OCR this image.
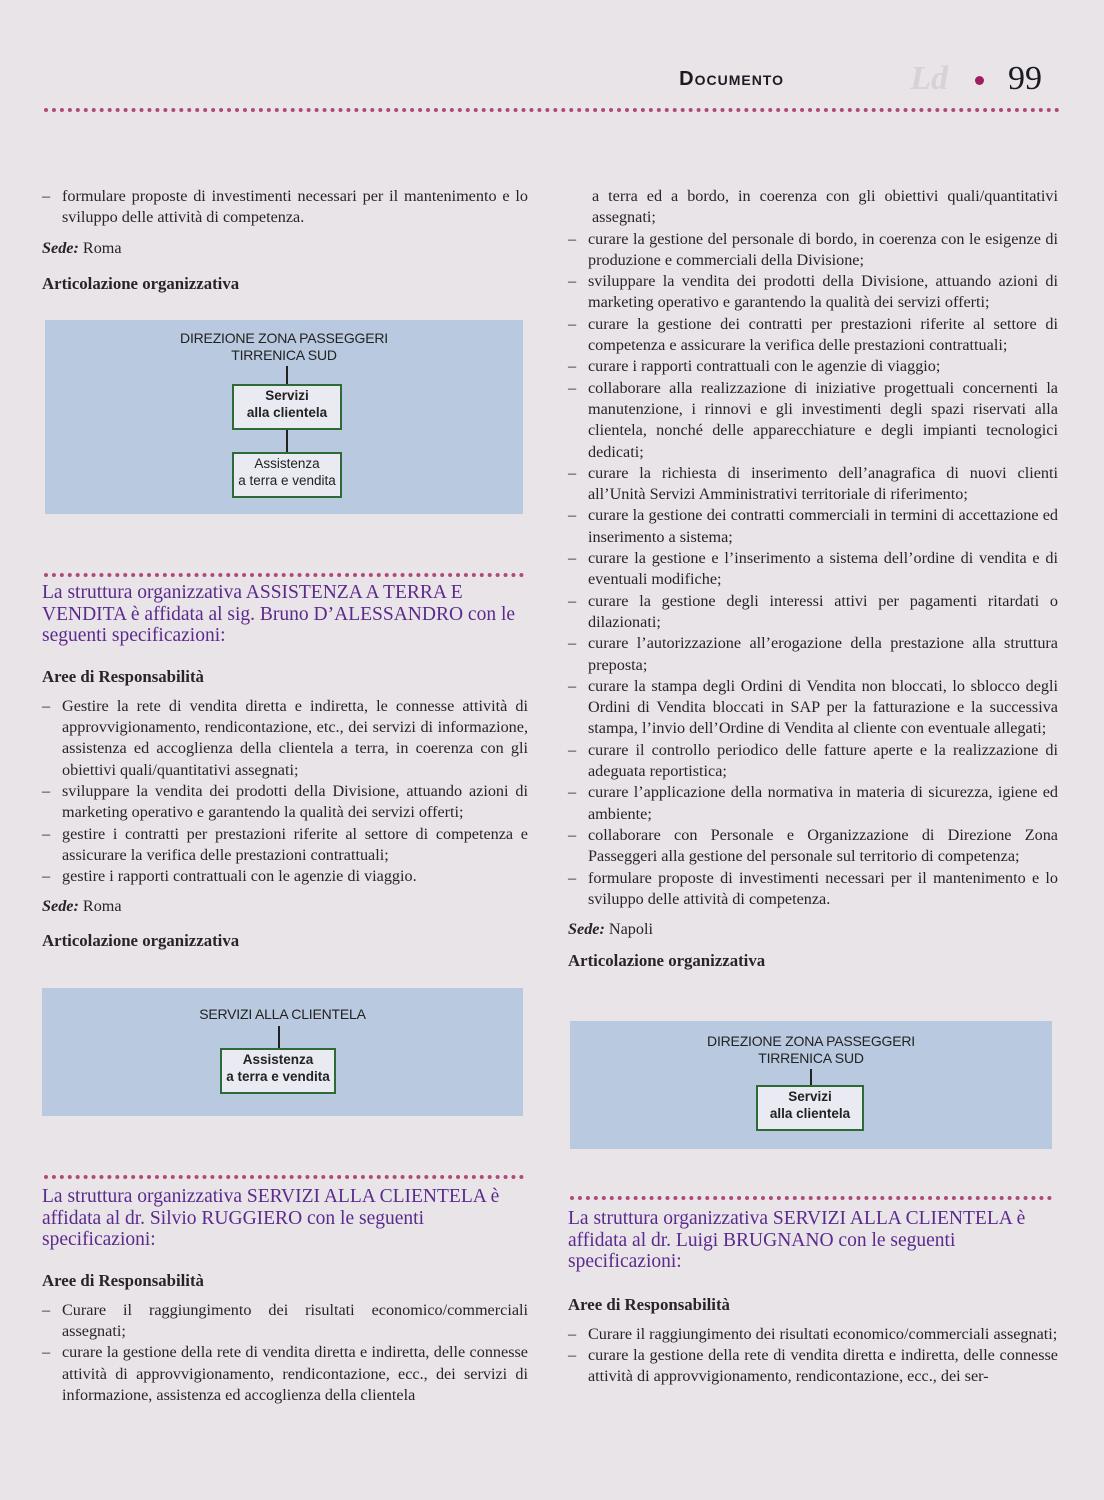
Documento	Ld 99

– formulare proposte di investimenti necessari per il mantenimento e lo sviluppo delle attività di competenza.

Sede: Roma

Articolazione organizzativa

DIREZIONE ZONA PASSEGGERI
TIRRENICA SUD
Servizi
alla clientela
Assistenza
a terra e vendita

La struttura organizzativa ASSISTENZA A TERRA E VENDITA è affidata al sig. Bruno D’ALESSANDRO con le seguenti specificazioni:

Aree di Responsabilità

– Gestire la rete di vendita diretta e indiretta, le connesse attività di approvvigionamento, rendicontazione, etc., dei servizi di informazione, assistenza ed accoglienza della clientela a terra, in coerenza con gli obiettivi quali/quantitativi assegnati;

– sviluppare la vendita dei prodotti della Divisione, attuando azioni di marketing operativo e garantendo la qualità dei servizi offerti;

– gestire i contratti per prestazioni riferite al settore di competenza e assicurare la verifica delle prestazioni contrattuali;

– gestire i rapporti contrattuali con le agenzie di viaggio.

Sede: Roma

Articolazione organizzativa

SERVIZI ALLA CLIENTELA
Assistenza
a terra e vendita

La struttura organizzativa SERVIZI ALLA CLIENTELA è affidata al dr. Silvio RUGGIERO con le seguenti specificazioni:

Aree di Responsabilità

– Curare il raggiungimento dei risultati economico/commerciali assegnati;

– curare la gestione della rete di vendita diretta e indiretta, delle connesse attività di approvvigionamento, rendicontazione, ecc., dei servizi di informazione, assistenza ed accoglienza della clientela

a terra ed a bordo, in coerenza con gli obiettivi quali/quantitativi assegnati;

– curare la gestione del personale di bordo, in coerenza con le esigenze di produzione e commerciali della Divisione;

– sviluppare la vendita dei prodotti della Divisione, attuando azioni di marketing operativo e garantendo la qualità dei servizi offerti;

– curare la gestione dei contratti per prestazioni riferite al settore di competenza e assicurare la verifica delle prestazioni contrattuali;

– curare i rapporti contrattuali con le agenzie di viaggio;

– collaborare alla realizzazione di iniziative progettuali concernenti la manutenzione, i rinnovi e gli investimenti degli spazi riservati alla clientela, nonché delle apparecchiature e degli impianti tecnologici dedicati;

– curare la richiesta di inserimento dell’anagrafica di nuovi clienti all’Unità Servizi Amministrativi territoriale di riferimento;

– curare la gestione dei contratti commerciali in termini di accettazione ed inserimento a sistema;

– curare la gestione e l’inserimento a sistema dell’ordine di vendita e di eventuali modifiche;

– curare la gestione degli interessi attivi per pagamenti ritardati o dilazionati;

– curare l’autorizzazione all’erogazione della prestazione alla struttura preposta;

– curare la stampa degli Ordini di Vendita non bloccati, lo sblocco degli Ordini di Vendita bloccati in SAP per la fatturazione e la successiva stampa, l’invio dell’Ordine di Vendita al cliente con eventuale allegati;

– curare il controllo periodico delle fatture aperte e la realizzazione di adeguata reportistica;

– curare l’applicazione della normativa in materia di sicurezza, igiene ed ambiente;

– collaborare con Personale e Organizzazione di Direzione Zona Passeggeri alla gestione del personale sul territorio di competenza;

– formulare proposte di investimenti necessari per il mantenimento e lo sviluppo delle attività di competenza.

Sede: Napoli

Articolazione organizzativa

DIREZIONE ZONA PASSEGGERI
TIRRENICA SUD
Servizi
alla clientela

La struttura organizzativa SERVIZI ALLA CLIENTELA è affidata al dr. Luigi BRUGNANO con le seguenti specificazioni:

Aree di Responsabilità

– Curare il raggiungimento dei risultati economico/commerciali assegnati;

– curare la gestione della rete di vendita diretta e indiretta, delle connesse attività di approvvigionamento, rendicontazione, ecc., dei ser-
